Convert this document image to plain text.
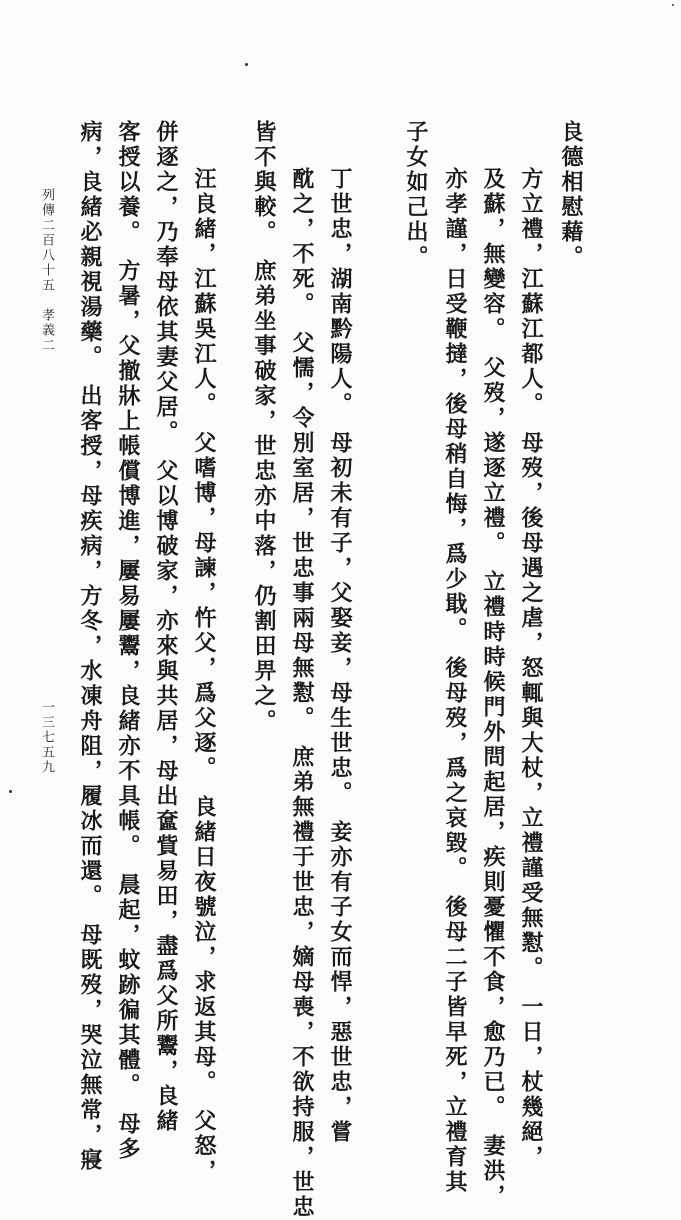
良德相慰藉。
方立禮，江蘇江都人。　母歿，後母遇之虐，怒輒與大杖，立禮謹受無懟。　一日，杖幾絕，
及蘇，無變容。　父歿，遂逐立禮。　立禮時時候門外問起居，疾則憂懼不食，愈乃已。　妻洪，
亦孝謹，日受鞭撻，後母稍自悔，爲少戢。　後母歿，爲之哀毀。　後母二子皆早死，立禮育其
子女如己出。
丁世忠，湖南黔陽人。　母初未有子，父娶妾，母生世忠。　妾亦有子女而悍，惡世忠，嘗
酖之，不死。　父懦，令別室居，世忠事兩母無懟。　庶弟無禮于世忠，嫡母喪，不欲持服，世忠
皆不與較。　庶弟坐事破家，世忠亦中落，仍割田畀之。
汪良緒，江蘇吳江人。　父嗜博，母諫，忤父，爲父逐。　良緒日夜號泣，求返其母。　父怒，
併逐之，乃奉母依其妻父居。　父以博破家，亦來與共居，母出奩貲易田，盡爲父所鬻，良緒
客授以養。　方暑，父撤牀上帳償博進，屢易屢鬻，良緒亦不具帳。　晨起，蚊跡徧其體。　母多
病，良緒必親視湯藥。　出客授，母疾病，方冬，水凍舟阻，履冰而還。　母既歿，哭泣無常，寢
列傳二百八十五　孝義二
一三七五九
